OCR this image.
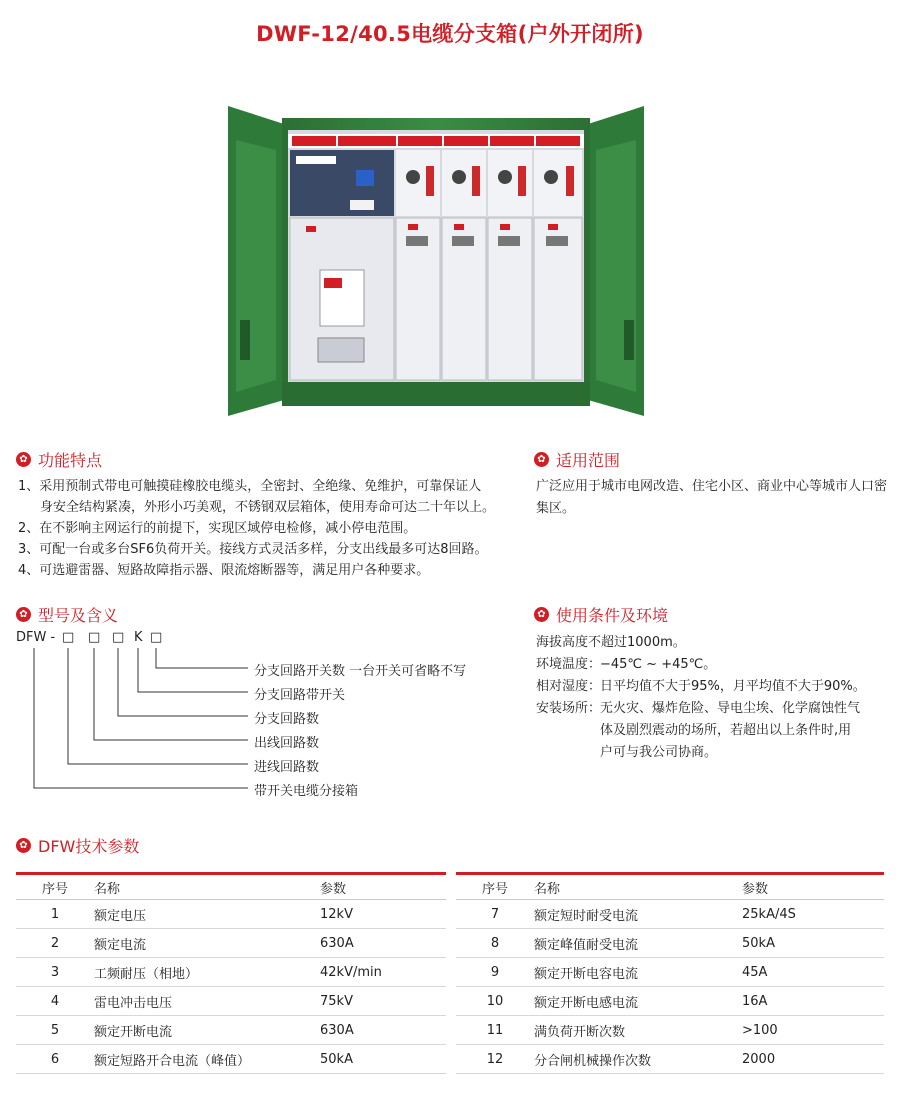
DWF-12/40.5电缆分支箱(户外开闭所)
✿ 功能特点
1、采用预制式带电可触摸硅橡胶电缆头，全密封、全绝缘、免维护，可靠保证人
身安全结构紧凑，外形小巧美观，不锈钢双层箱体，使用寿命可达二十年以上。
2、在不影响主网运行的前提下，实现区域停电检修，减小停电范围。
3、可配一台或多台SF6负荷开关。接线方式灵活多样，分支出线最多可达8回路。
4、可选避雷器、短路故障指示器、限流熔断器等，满足用户各种要求。
✿ 适用范围
广泛应用于城市电网改造、住宅小区、商业中心等城市人口密
集区。
✿ 型号及含义
DFW - □ □ □ K □
分支回路开关数 一台开关可省略不写
分支回路带开关
分支回路数
出线回路数
进线回路数
带开关电缆分接箱
✿ 使用条件及环境
海拔高度不超过1000m。
环境温度：
−45℃ ~ +45℃。
相对湿度：
日平均值不大于95%，月平均值不大于90%。
安装场所：
无火灾、爆炸危险、导电尘埃、化学腐蚀性气
体及剧烈震动的场所，若超出以上条件时,用
户可与我公司协商。
✿ DFW技术参数
序号	名称	参数
1	额定电压	12kV
2	额定电流	630A
3	工频耐压（相地）	42kV/min
4	雷电冲击电压	75kV
5	额定开断电流	630A
6	额定短路开合电流（峰值）	50kA
序号	名称	参数
7	额定短时耐受电流	25kA/4S
8	额定峰值耐受电流	50kA
9	额定开断电容电流	45A
10	额定开断电感电流	16A
11	满负荷开断次数	>100
12	分合闸机械操作次数	2000
